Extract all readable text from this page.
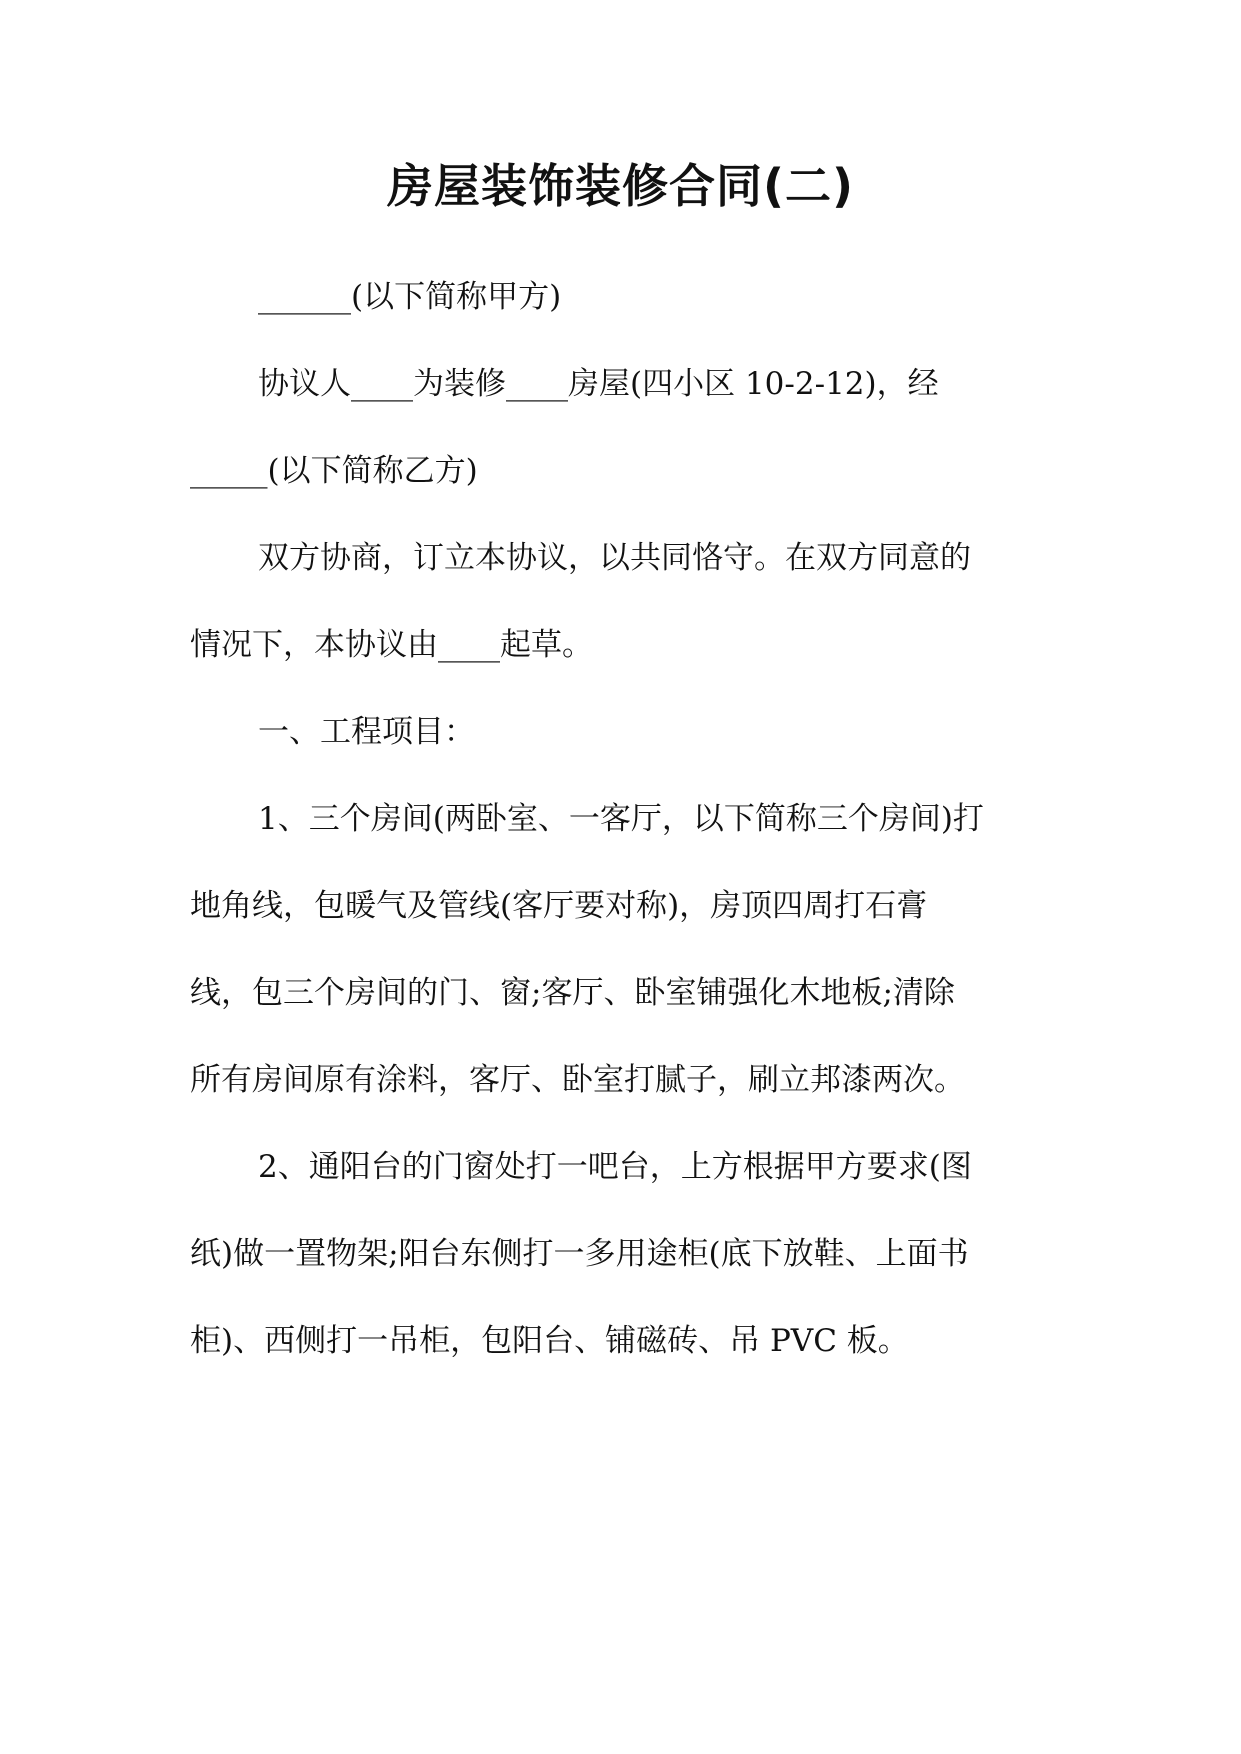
房屋装饰装修合同(二)
______(以下简称甲方)
协议人____为装修____房屋(四小区 10-2-12)，经
_____(以下简称乙方)
双方协商，订立本协议，以共同恪守。在双方同意的
情况下，本协议由____起草。
一、工程项目：
1、三个房间(两卧室、一客厅，以下简称三个房间)打
地角线，包暖气及管线(客厅要对称)，房顶四周打石膏
线，包三个房间的门、窗;客厅、卧室铺强化木地板;清除
所有房间原有涂料，客厅、卧室打腻子，刷立邦漆两次。
2、通阳台的门窗处打一吧台，上方根据甲方要求(图
纸)做一置物架;阳台东侧打一多用途柜(底下放鞋、上面书
柜)、西侧打一吊柜，包阳台、铺磁砖、吊 PVC 板。
